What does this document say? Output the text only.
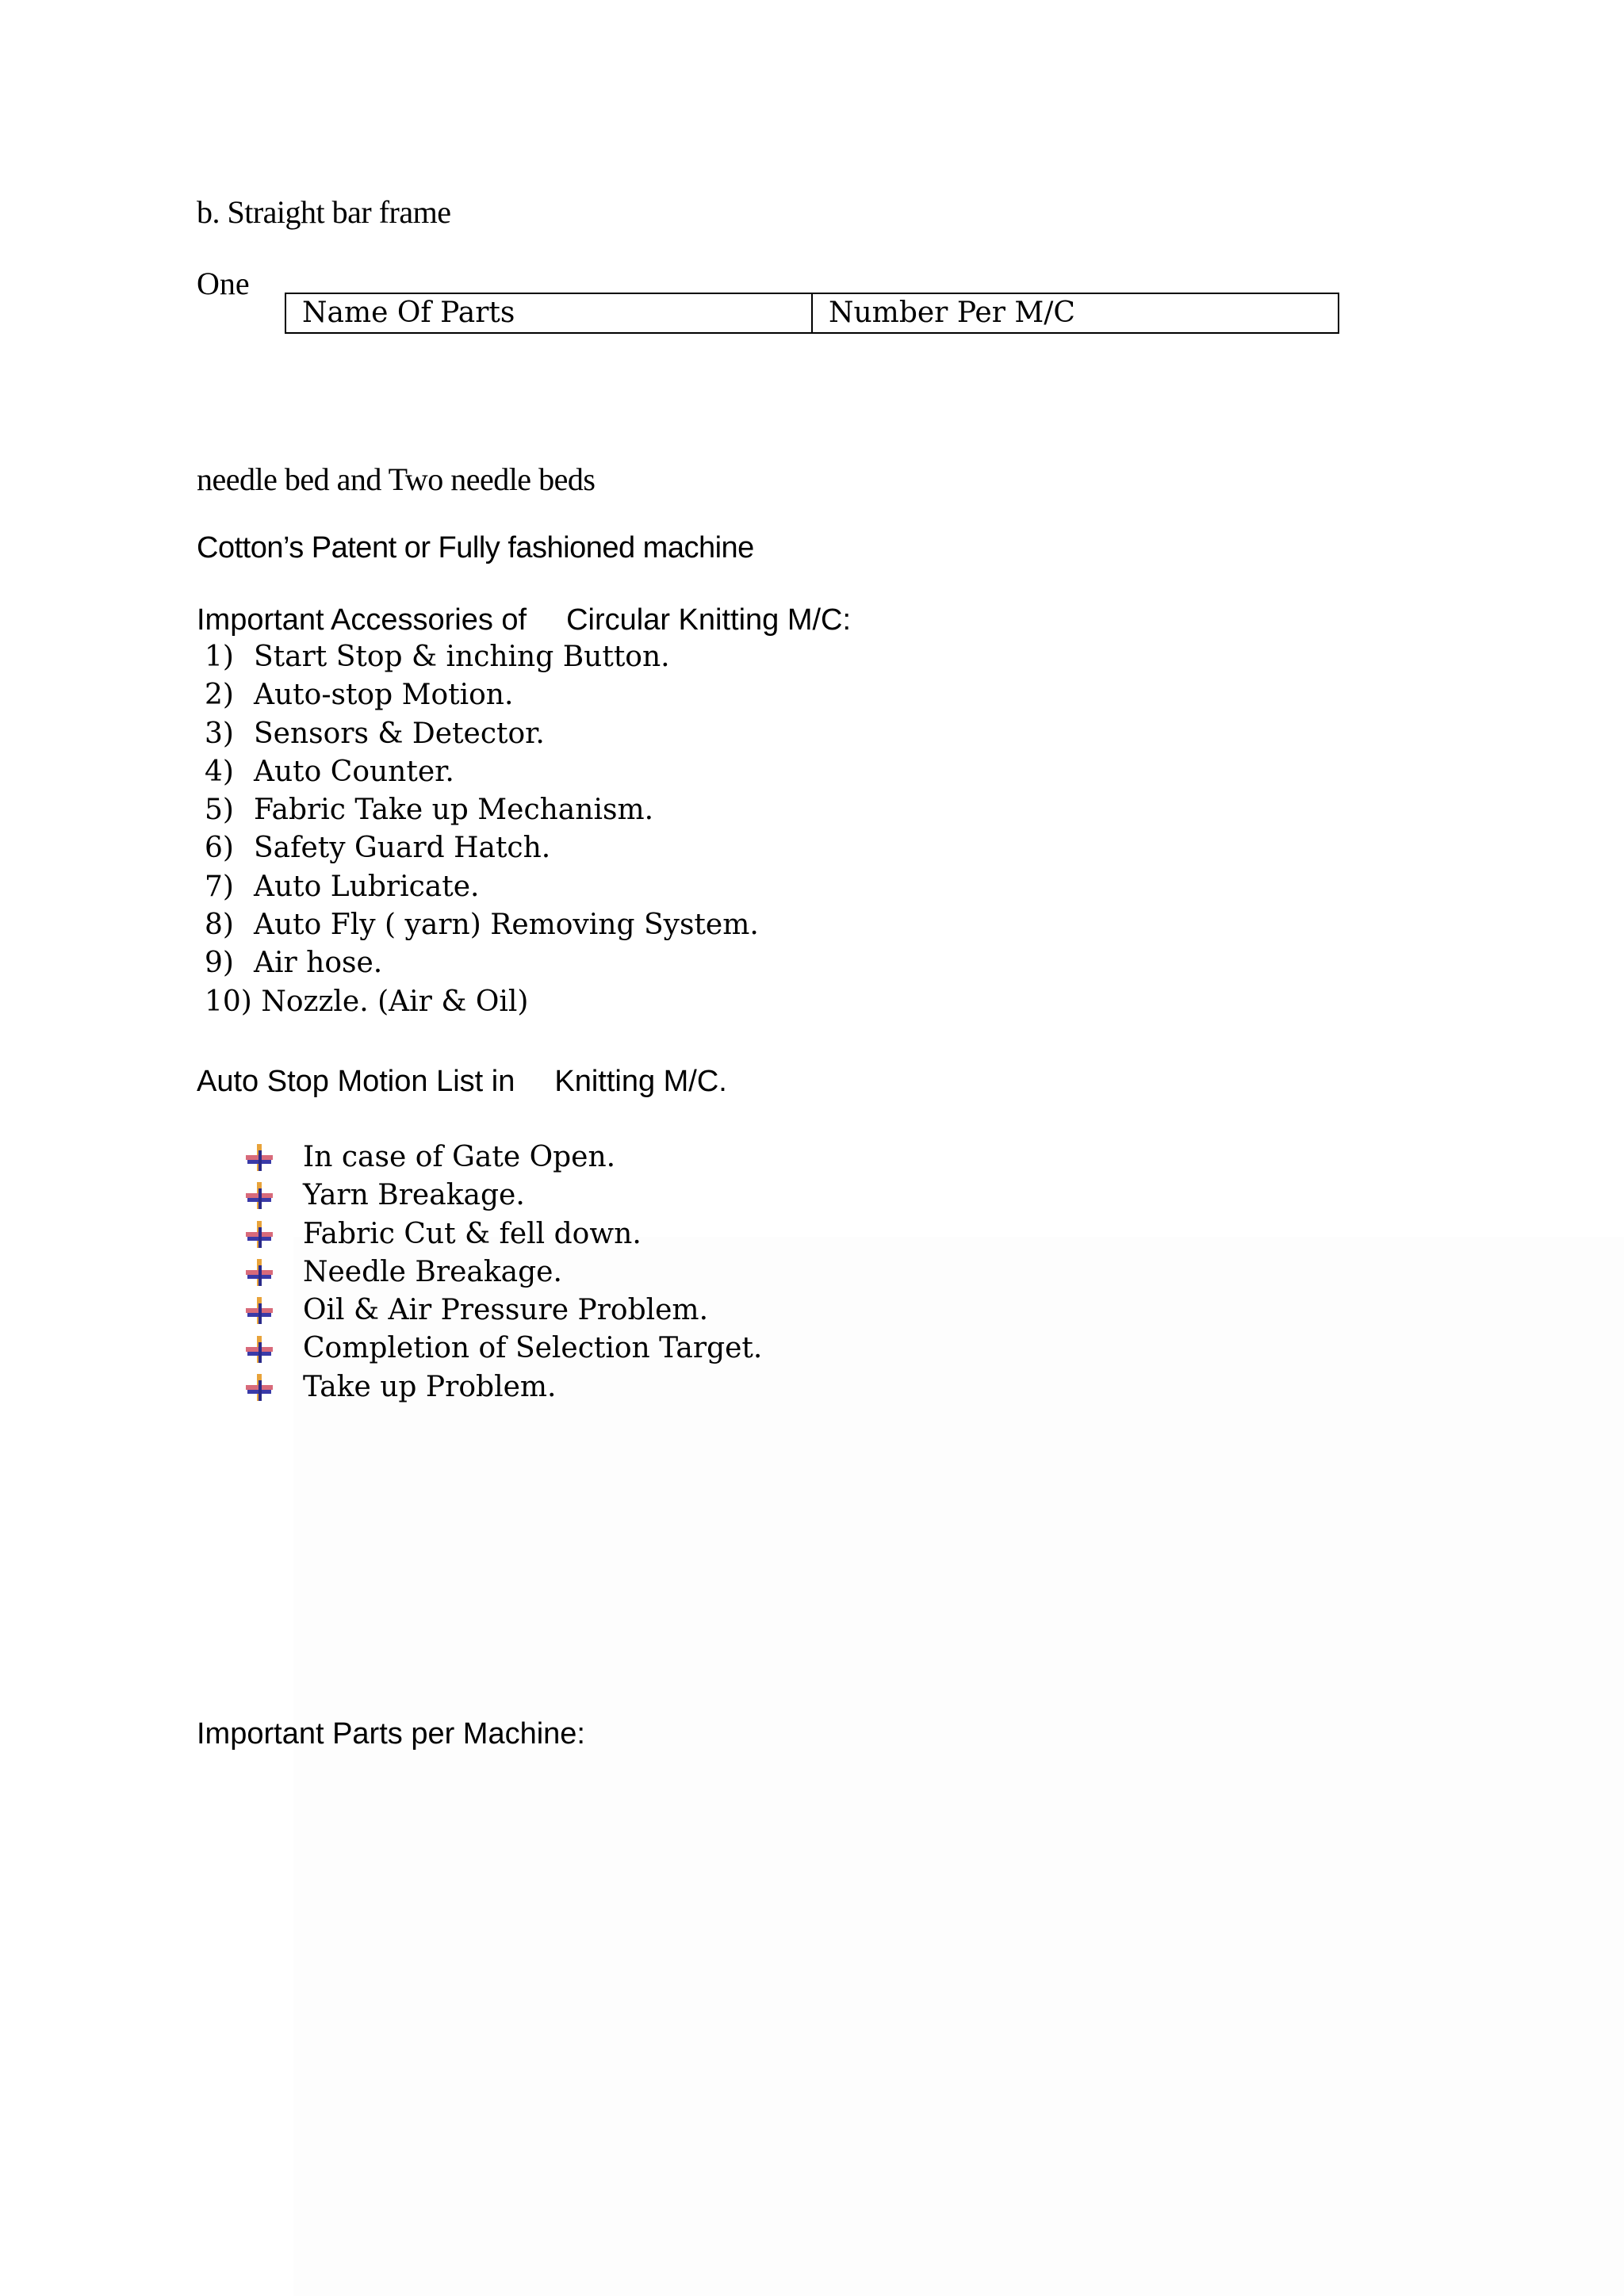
b. Straight bar frame
One
Name Of Parts	Number Per M/C
needle bed and Two needle beds
Cotton’s Patent or Fully fashioned machine
Important Accessories of Circular Knitting M/C:
1) Start Stop & inching Button.
2) Auto-stop Motion.
3) Sensors & Detector.
4) Auto Counter.
5) Fabric Take up Mechanism.
6) Safety Guard Hatch.
7) Auto Lubricate.
8) Auto Fly ( yarn) Removing System.
9) Air hose.
10) Nozzle. (Air & Oil)
Auto Stop Motion List in Knitting M/C.
In case of Gate Open.
Yarn Breakage.
Fabric Cut & fell down.
Needle Breakage.
Oil & Air Pressure Problem.
Completion of Selection Target.
Take up Problem.
Important Parts per Machine:
